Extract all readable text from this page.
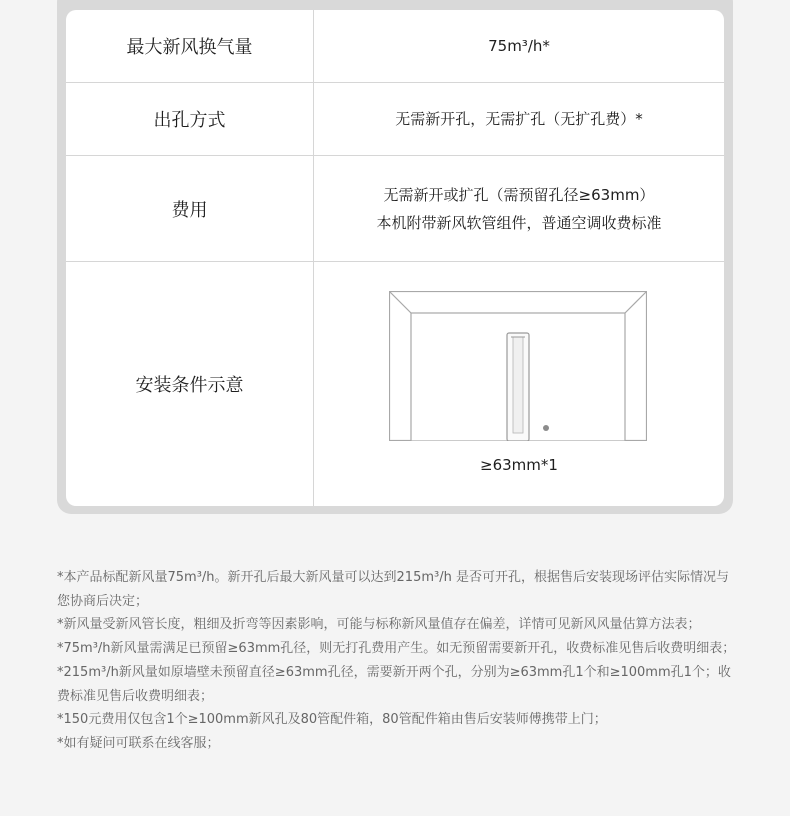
最大新风换气量	75m³/h*
出孔方式	无需新开孔，无需扩孔（无扩孔费）*
费用
无需新开或扩孔（需预留孔径≥63mm）
本机附带新风软管组件，普通空调收费标准
安装条件示意
≥63mm*1

*本产品标配新风量75m³/h。新开孔后最大新风量可以达到215m³/h 是否可开孔，根据售后安装现场评估实际情况与您协商后决定；

*新风量受新风管长度，粗细及折弯等因素影响，可能与标称新风量值存在偏差，详情可见新风风量估算方法表；

*75m³/h新风量需满足已预留≥63mm孔径，则无打孔费用产生。如无预留需要新开孔，收费标准见售后收费明细表；

*215m³/h新风量如原墙壁未预留直径≥63mm孔径，需要新开两个孔，分别为≥63mm孔1个和≥100mm孔1个；收费标准见售后收费明细表；

*150元费用仅包含1个≥100mm新风孔及80管配件箱，80管配件箱由售后安装师傅携带上门；

*如有疑问可联系在线客服；
